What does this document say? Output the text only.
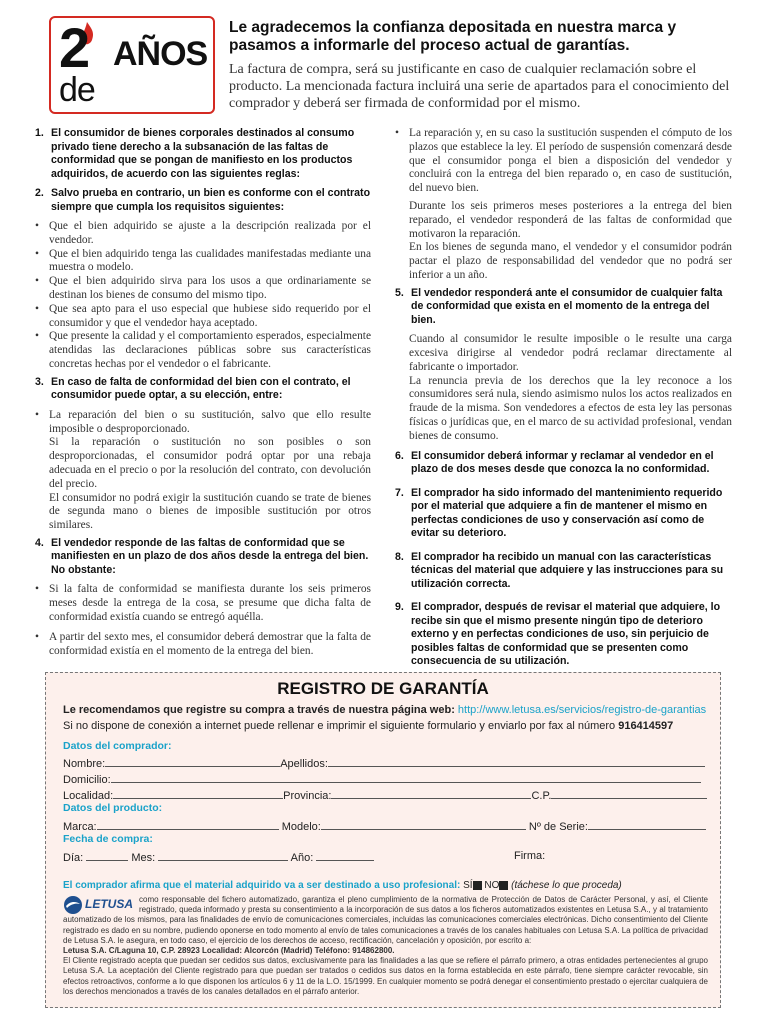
2 AÑOS
de
Le agradecemos la confianza depositada en nuestra marca y pasamos a informarle del proceso actual de garantías.
La factura de compra, será su justificante en caso de cualquier reclamación sobre el producto. La mencionada factura incluirá una serie de apartados para el conocimiento del comprador y deberá ser firmada de conformidad por el mismo.

1. El consumidor de bienes corporales destinados al consumo privado tiene derecho a la subsanación de las faltas de conformidad que se pongan de manifiesto en los productos adquiridos, de acuerdo con las siguientes reglas:

2. Salvo prueba en contrario, un bien es conforme con el contrato siempre que cumpla los requisitos siguientes:

• Que el bien adquirido se ajuste a la descripción realizada por el vendedor.

• Que el bien adquirido tenga las cualidades manifestadas mediante una muestra o modelo.

• Que el bien adquirido sirva para los usos a que ordinariamente se destinan los bienes de consumo del mismo tipo.

• Que sea apto para el uso especial que hubiese sido requerido por el consumidor y que el vendedor haya aceptado.

• Que presente la calidad y el comportamiento esperados, especialmente atendidas las declaraciones públicas sobre sus características concretas hechas por el vendedor o el fabricante.

3. En caso de falta de conformidad del bien con el contrato, el consumidor puede optar, a su elección, entre:

• La reparación del bien o su sustitución, salvo que ello resulte imposible o desproporcionado.

Si la reparación o sustitución no son posibles o son desproporcionadas, el consumidor podrá optar por una rebaja adecuada en el precio o por la resolución del contrato, con devolución del precio.

El consumidor no podrá exigir la sustitución cuando se trate de bienes de segunda mano o bienes de imposible sustitución por otros similares.

4. El vendedor responde de las faltas de conformidad que se manifiesten en un plazo de dos años desde la entrega del bien. No obstante:

• Si la falta de conformidad se manifiesta durante los seis primeros meses desde la entrega de la cosa, se presume que dicha falta de conformidad existía cuando se entregó aquélla.

• A partir del sexto mes, el consumidor deberá demostrar que la falta de conformidad existía en el momento de la entrega del bien.

• La reparación y, en su caso la sustitución suspenden el cómputo de los plazos que establece la ley. El período de suspensión comenzará desde que el consumidor ponga el bien a disposición del vendedor y concluirá con la entrega del bien reparado o, en caso de sustitución, del nuevo bien.

Durante los seis primeros meses posteriores a la entrega del bien reparado, el vendedor responderá de las faltas de conformidad que motivaron la reparación.

En los bienes de segunda mano, el vendedor y el consumidor podrán pactar el plazo de responsabilidad del vendedor que no podrá ser inferior a un año.

5. El vendedor responderá ante el consumidor de cualquier falta de conformidad que exista en el momento de la entrega del bien.

Cuando al consumidor le resulte imposible o le resulte una carga excesiva dirigirse al vendedor podrá reclamar directamente al fabricante o importador.

La renuncia previa de los derechos que la ley reconoce a los consumidores será nula, siendo asimismo nulos los actos realizados en fraude de la misma. Son vendedores a efectos de esta ley las personas físicas o jurídicas que, en el marco de su actividad profesional, vendan bienes de consumo.

6. El consumidor deberá informar y reclamar al vendedor en el plazo de dos meses desde que conozca la no conformidad.

7. El comprador ha sido informado del mantenimiento requerido por el material que adquiere a fin de mantener el mismo en perfectas condiciones de uso y conservación así como de evitar su deterioro.

8. El comprador ha recibido un manual con las características técnicas del material que adquiere y las instrucciones para su utilización correcta.

9. El comprador, después de revisar el material que adquiere, lo recibe sin que el mismo presente ningún tipo de deterioro externo y en perfectas condiciones de uso, sin perjuicio de posibles faltas de conformidad que se presenten como consecuencia de su utilización.

REGISTRO DE GARANTÍA
Le recomendamos que registre su compra a través de nuestra página web: http://www.letusa.es/servicios/registro-de-garantias
Si no dispone de conexión a internet puede rellenar e imprimir el siguiente formulario y enviarlo por fax al número 916414597
Datos del comprador:
Nombre:	Apellidos:
Domicilio:
Localidad:	Provincia:	C.P.
Datos del producto:
Marca:	Modelo:	Nº de Serie:
Fecha de compra:
Día:	Mes:	Año:	Firma:
El comprador afirma que el material adquirido va a ser destinado a uso profesional: SÍ NO (táchese lo que proceda)
LETUSA como responsable del fichero automatizado, garantiza el pleno cumplimiento de la normativa de Protección de Datos de Carácter Personal, y así, el Cliente registrado, queda informado y presta su consentimiento a la incorporación de sus datos a los ficheros automatizados existentes en Letusa S.A., y al tratamiento automatizado de los mismos, para las finalidades de envío de comunicaciones comerciales, incluidas las comunicaciones comerciales electrónicas. Dicho consentimiento del Cliente registrado es dado en su nombre, pudiendo oponerse en todo momento al envío de tales comunicaciones a través de los canales habituales con Letusa S.A. La política de privacidad de Letusa S.A. le asegura, en todo caso, el ejercicio de los derechos de acceso, rectificación, cancelación y oposición, por escrito a:
Letusa S.A. C/Laguna 10, C.P. 28923 Localidad: Alcorcón (Madrid) Teléfono: 914862800.
El Cliente registrado acepta que puedan ser cedidos sus datos, exclusivamente para las finalidades a las que se refiere el párrafo primero, a otras entidades pertenecientes al grupo Letusa S.A. La aceptación del Cliente registrado para que puedan ser tratados o cedidos sus datos en la forma establecida en este párrafo, tiene siempre carácter revocable, sin efectos retroactivos, conforme a lo que disponen los artículos 6 y 11 de la L.O. 15/1999. En cualquier momento se podrá denegar el consentimiento prestado o ejercitar cualquiera de los derechos mencionados a través de los canales detallados en el párrafo anterior.
